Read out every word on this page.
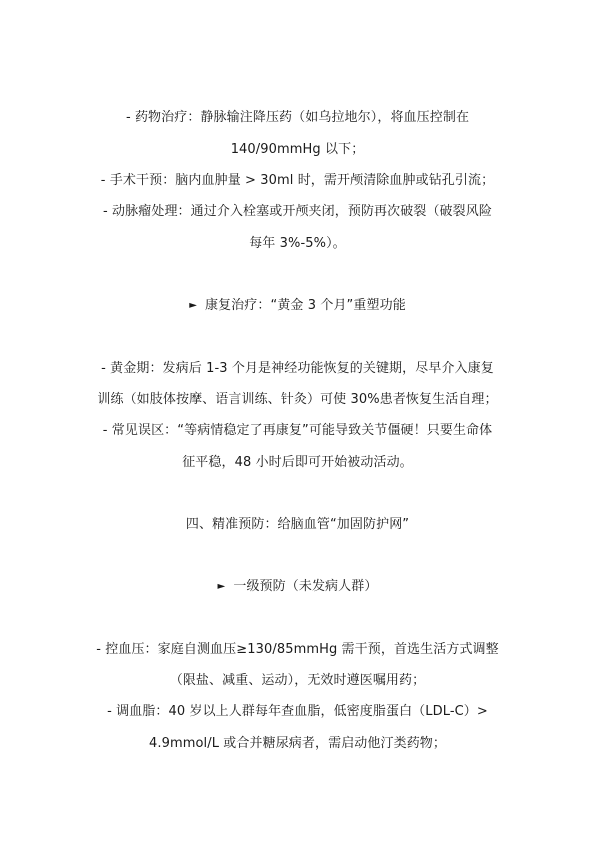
- 药物治疗：静脉输注降压药（如乌拉地尔），将血压控制在
140/90mmHg 以下；
- 手术干预：脑内血肿量 > 30ml 时，需开颅清除血肿或钻孔引流；
- 动脉瘤处理：通过介入栓塞或开颅夹闭，预防再次破裂（破裂风险
每年 3%-5%）。
► 康复治疗：“黄金 3 个月”重塑功能
- 黄金期：发病后 1-3 个月是神经功能恢复的关键期，尽早介入康复
训练（如肢体按摩、语言训练、针灸）可使 30%患者恢复生活自理；
- 常见误区：“等病情稳定了再康复”可能导致关节僵硬！只要生命体
征平稳，48 小时后即可开始被动活动。
四、精准预防：给脑血管“加固防护网”
► 一级预防（未发病人群）
- 控血压：家庭自测血压≥130/85mmHg 需干预，首选生活方式调整
（限盐、减重、运动），无效时遵医嘱用药；
- 调血脂：40 岁以上人群每年查血脂，低密度脂蛋白（LDL-C）>
4.9mmol/L 或合并糖尿病者，需启动他汀类药物；
